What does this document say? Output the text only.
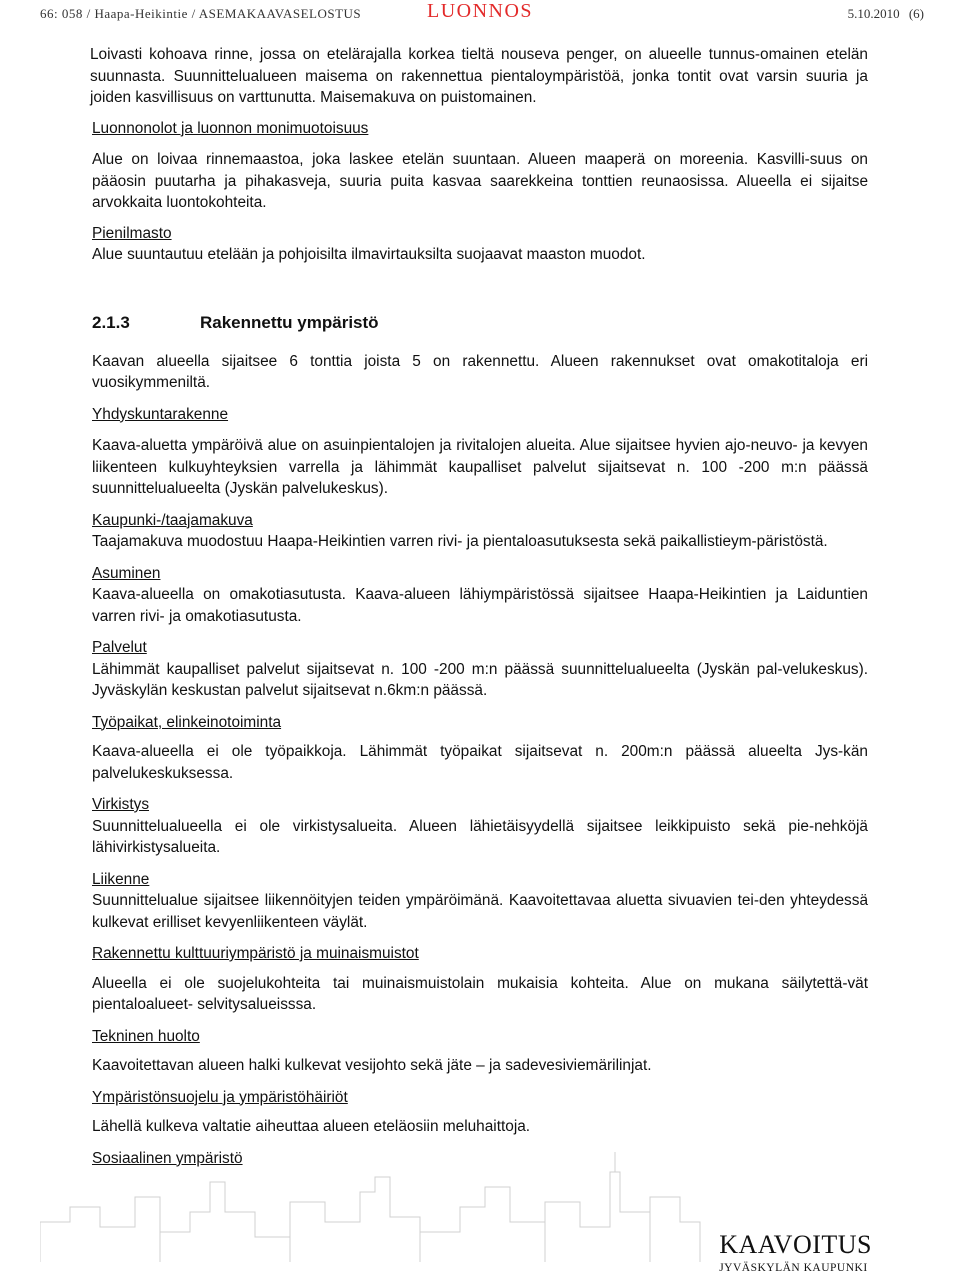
66: 058 / Haapa-Heikintie / ASEMAKAAVASELOSTUS	LUONNOS	5.10.2010 (6)

Loivasti kohoava rinne, jossa on etelärajalla korkea tieltä nouseva penger, on alueelle tunnus-omainen etelän suunnasta. Suunnittelualueen maisema on rakennettua pientaloympäristöä, jonka tontit ovat varsin suuria ja joiden kasvillisuus on varttunutta. Maisemakuva on puistomainen.

Luonnonolot ja luonnon monimuotoisuus

Alue on loivaa rinnemaastoa, joka laskee etelän suuntaan. Alueen maaperä on moreenia. Kasvilli-suus on pääosin puutarha ja pihakasveja, suuria puita kasvaa saarekkeina tonttien reunaosissa. Alueella ei sijaitse arvokkaita luontokohteita.

Pienilmasto

Alue suuntautuu etelään ja pohjoisilta ilmavirtauksilta suojaavat maaston muodot.

2.1.3	Rakennettu ympäristö

Kaavan alueella sijaitsee 6 tonttia joista 5 on rakennettu. Alueen rakennukset ovat omakotitaloja eri vuosikymmeniltä.

Yhdyskuntarakenne

Kaava-aluetta ympäröivä alue on asuinpientalojen ja rivitalojen alueita. Alue sijaitsee hyvien ajo-neuvo- ja kevyen liikenteen kulkuyhteyksien varrella ja lähimmät kaupalliset palvelut sijaitsevat n. 100 -200 m:n päässä suunnittelualueelta (Jyskän palvelukeskus).

Kaupunki-/taajamakuva

Taajamakuva muodostuu Haapa-Heikintien varren rivi- ja pientaloasutuksesta sekä paikallistieym-päristöstä.

Asuminen

Kaava-alueella on omakotiasutusta. Kaava-alueen lähiympäristössä sijaitsee Haapa-Heikintien ja Laiduntien varren rivi- ja omakotiasutusta.

Palvelut

Lähimmät kaupalliset palvelut sijaitsevat n. 100 -200 m:n päässä suunnittelualueelta (Jyskän pal-velukeskus). Jyväskylän keskustan palvelut sijaitsevat n.6km:n päässä.

Työpaikat, elinkeinotoiminta

Kaava-alueella ei ole työpaikkoja. Lähimmät työpaikat sijaitsevat n. 200m:n päässä alueelta Jys-kän palvelukeskuksessa.

Virkistys

Suunnittelualueella ei ole virkistysalueita. Alueen lähietäisyydellä sijaitsee leikkipuisto sekä pie-nehköjä lähivirkistysalueita.

Liikenne

Suunnittelualue sijaitsee liikennöityjen teiden ympäröimänä. Kaavoitettavaa aluetta sivuavien tei-den yhteydessä kulkevat erilliset kevyenliikenteen väylät.

Rakennettu kulttuuriympäristö ja muinaismuistot

Alueella ei ole suojelukohteita tai muinaismuistolain mukaisia kohteita. Alue on mukana säilytettä-vät pientaloalueet- selvitysalueisssa.

Tekninen huolto

Kaavoitettavan alueen halki kulkevat vesijohto sekä jäte – ja sadevesiviemärilinjat.

Ympäristönsuojelu ja ympäristöhäiriöt

Lähellä kulkeva valtatie aiheuttaa alueen eteläosiin meluhaittoja.

Sosiaalinen ympäristö

KAAVOITUS
JYVÄSKYLÄN KAUPUNKI
